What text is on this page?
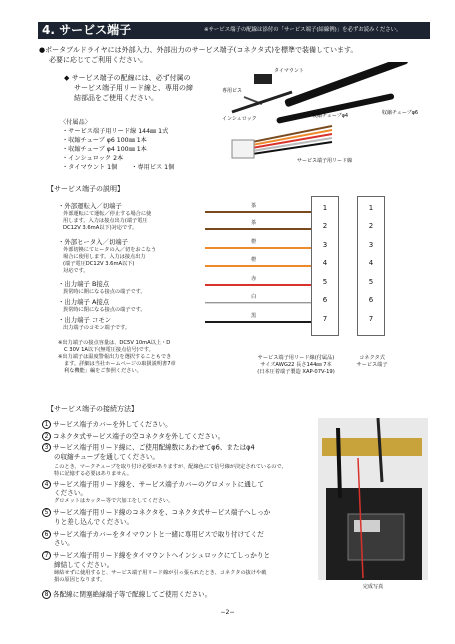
4. サービス端子	※サービス端子の配線は添付の「サービス端子(結線例)」を必ずお読みください。
●ポータブルドライヤには外部入力、外部出力のサービス端子(コネクタ式)を標準で装備しています。
必要に応じてご利用ください。
◆ サービス端子の配線には、必ず付属の
サービス端子用リード線と、専用の締
結部品をご使用ください。
〈付属品〉
・サービス端子用リード線 144㎜ 1式
・収縮チューブ φ6 100㎜ 1本
・収縮チューブ φ4 100㎜ 1本
・インシュロック 2本
・タイマウント 1個 ・専用ビス 1個
タイマウント
専用ビス
インシュロック
収縮チューブφ6
収縮チューブφ4
サービス端子用リード線
【サービス端子の説明】
・外部運転入／切端子
外部運転にて運転／停止する場合に使
用します。入力は接点出力(端子電圧
DC12V 3.6mA以下)対応です。
・外部ヒータ入／切端子
外部切換にてヒータの入／切をおこなう
場合に使用します。入力は接点出力
(端子電圧DC12V 3.6mA以下)
対応です。
・出力端子 B接点
異常時に開になる接点の端子です。
・出力端子 A接点
異常時に閉になる接点の端子です。
・出力端子 コモン
出力端子のコモン端子です。
※出力端子の接点容量は、DC5V 10mA以上・D
C 30V 1A以下(無電圧接点信号)です。
※出力端子は温度警報出力を選択することもでき
ます。詳細は当社ホームページの取扱説明書7章
利な機能」編をご参照ください。
茶
茶
橙
橙
赤
白
黒
1
2
3
4
5
6
7
1
2
3
4
5
6
7
サービス端子用リード線(付属品)
サイズAWG22 長さ144㎜ 7本
(日本圧着端子製造 XAP-07V-19)
コネクタ式
サービス端子
【サービス端子の接続方法】
1 サービス端子カバーを外してください。
2 コネクタ式サービス端子の空コネクタを外してください。
3 サービス端子用リード線に、ご使用配線数にあわせてφ6、またはφ4
の収縮チューブを通してください。
このとき、マークチューブを取り付け必要がありますが、配線色にて信号線が決定されているので、
特に記憶する必要はありません。
4 サービス端子用リード線を、サービス端子カバーのグロメットに通して
ください。
グロメットはカッター等で穴加工をしてください。
5 サービス端子用リード線のコネクタを、コネクタ式サービス端子へしっか
りと差し込んでください。
6 サービス端子カバーをタイマウントと一緒に専用ビスで取り付けてくだ
さい。
7 サービス端子用リード線をタイマウントへインシュロックにてしっかりと
締結してください。
締結せずに使用すると、サービス端子用リード線が引っ張られたとき、コネクタの抜けや破
損の原因となります。
8 各配線に閉塞絶縁端子等で配線してご使用ください。
完成写真
−2−
